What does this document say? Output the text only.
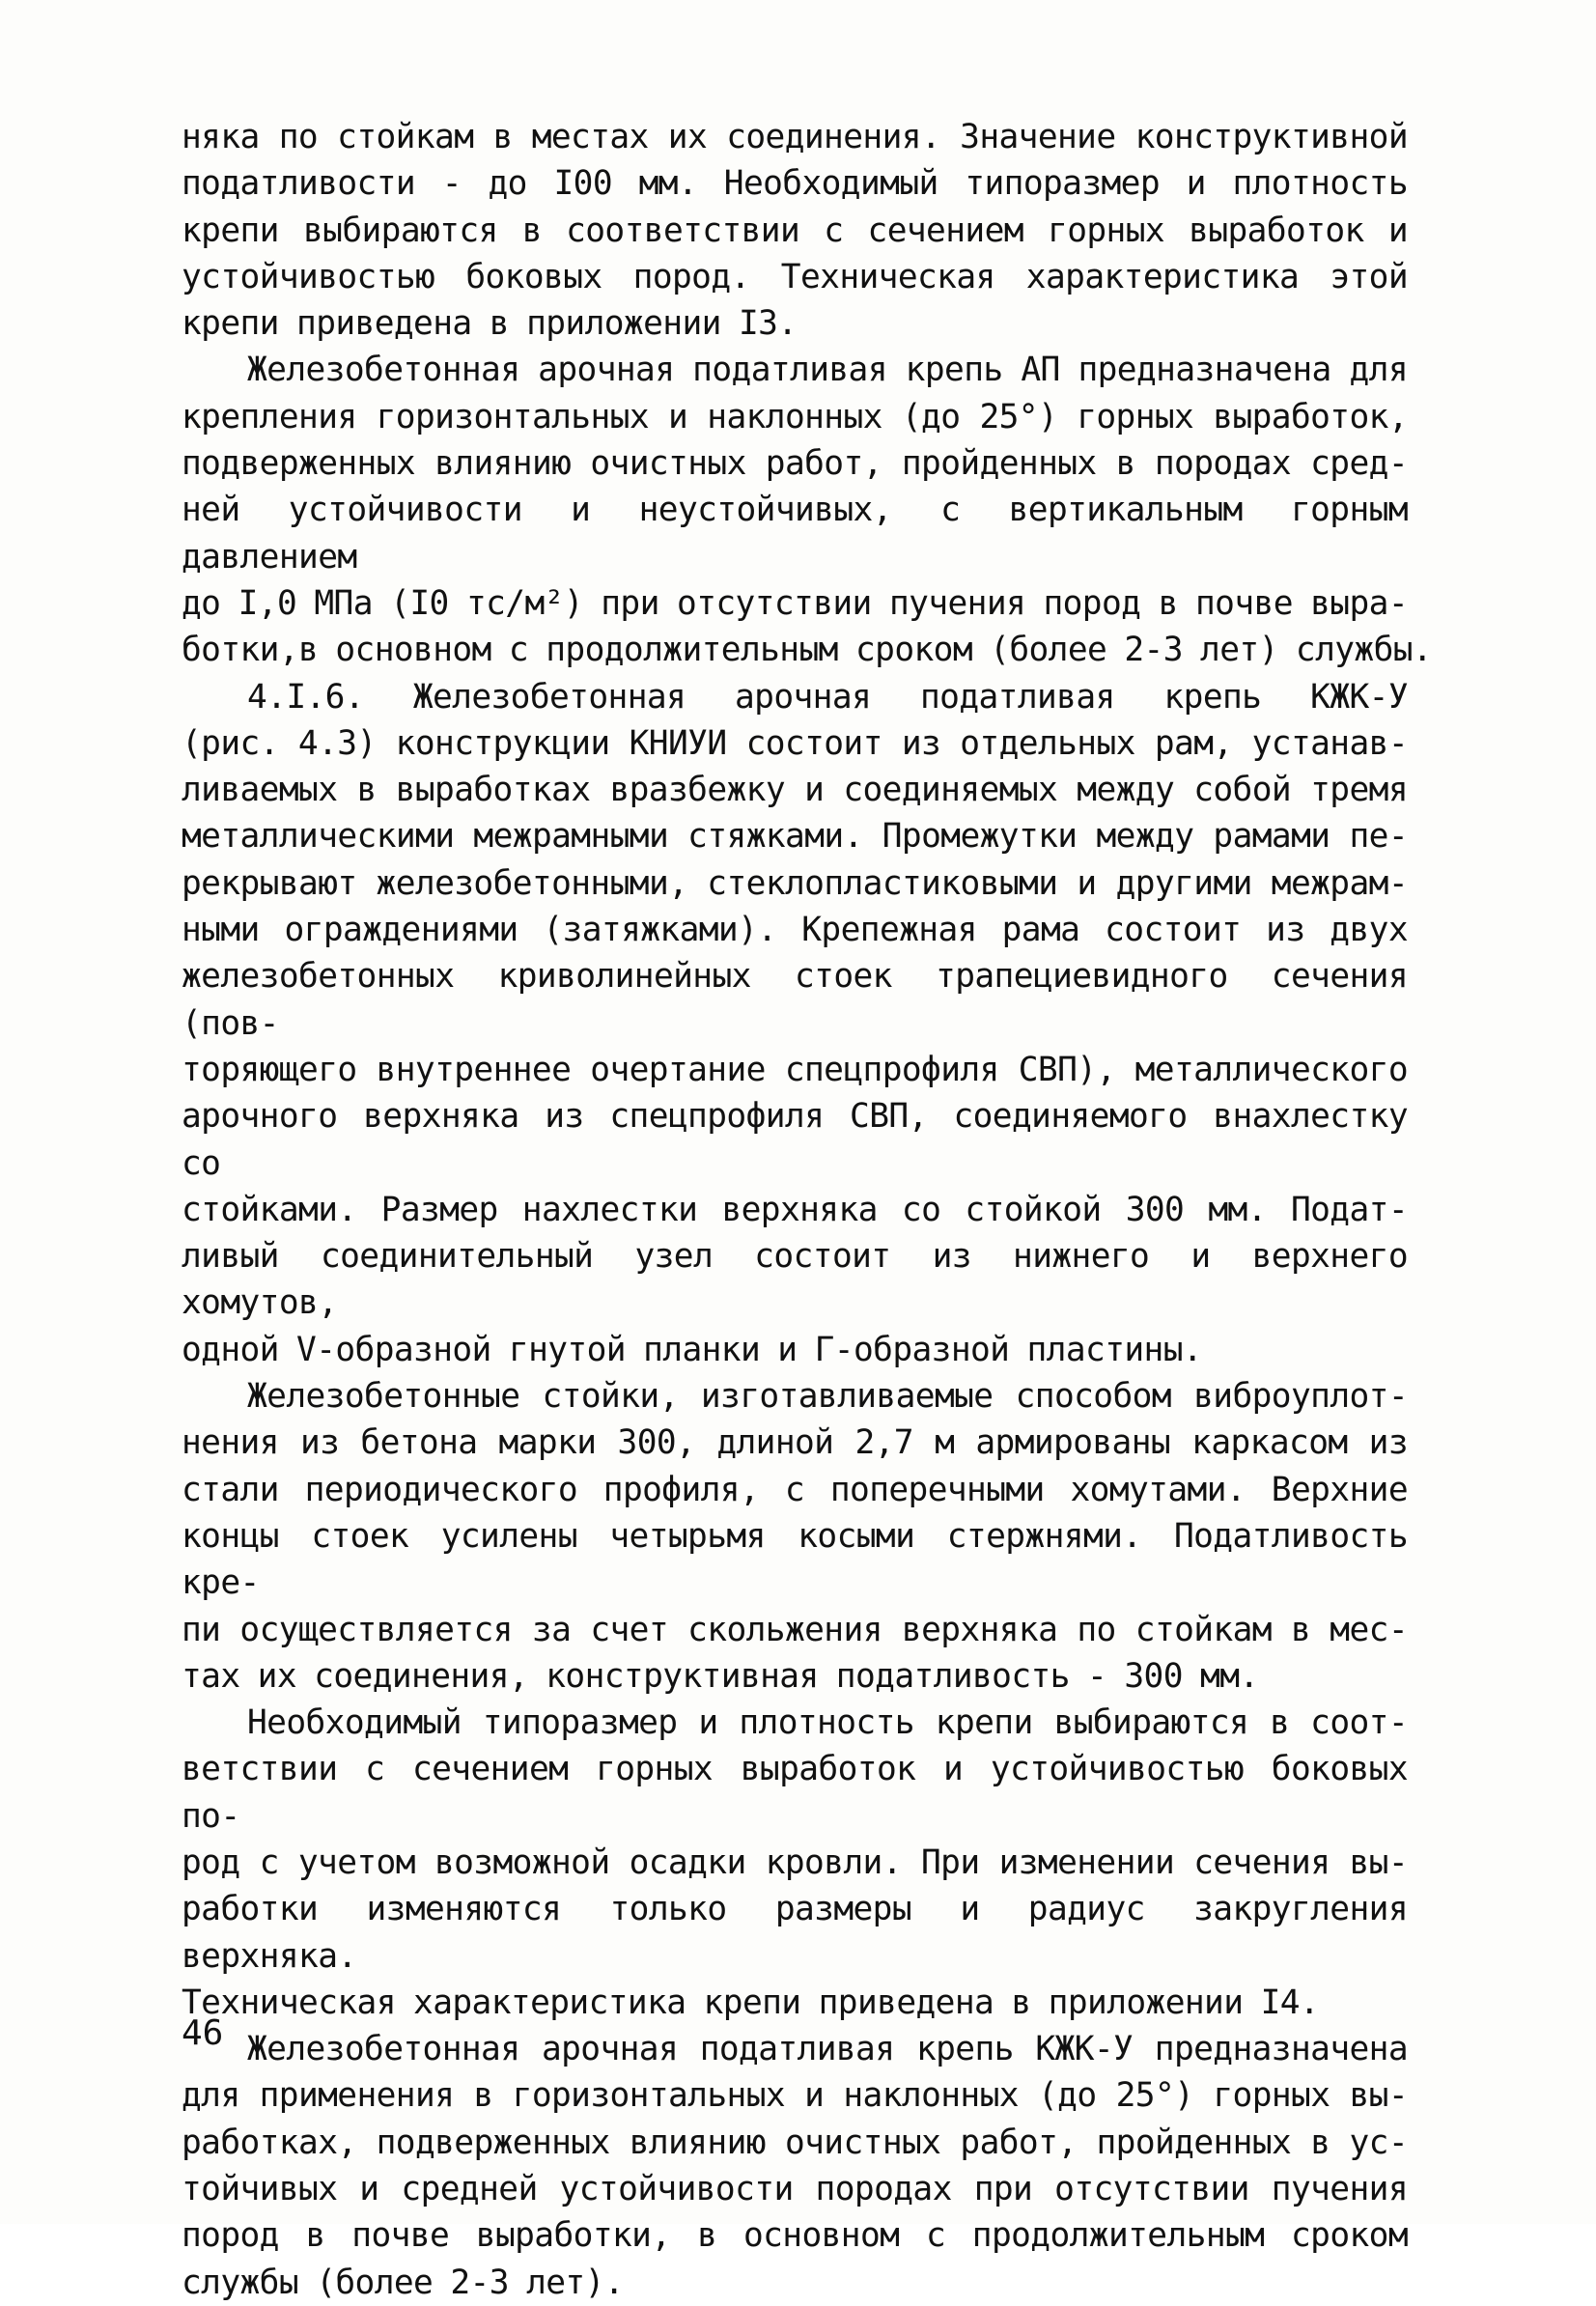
няка по стойкам в местах их соединения. Значение конструктивной
податливости - до I00 мм. Необходимый типоразмер и плотность
крепи выбираются в соответствии с сечением горных выработок и
устойчивостью боковых пород. Техническая характеристика этой
крепи приведена в приложении I3.
Железобетонная арочная податливая крепь АП предназначена для
крепления горизонтальных и наклонных (до 25°) горных выработок,
подверженных влиянию очистных работ, пройденных в породах сред-
ней устойчивости и неустойчивых, с вертикальным горным давлением
до I,0 МПа (I0 тс/м²) при отсутствии пучения пород в почве выра-
ботки,в основном с продолжительным сроком (более 2-3 лет) службы.
4.I.6. Железобетонная арочная податливая крепь КЖК-У
(рис. 4.3) конструкции КНИУИ состоит из отдельных рам, устанав-
ливаемых в выработках вразбежку и соединяемых между собой тремя
металлическими межрамными стяжками. Промежутки между рамами пе-
рекрывают железобетонными, стеклопластиковыми и другими межрам-
ными ограждениями (затяжками). Крепежная рама состоит из двух
железобетонных криволинейных стоек трапециевидного сечения (пов-
торяющего внутреннее очертание спецпрофиля СВП), металлического
арочного верхняка из спецпрофиля СВП, соединяемого внахлестку со
стойками. Размер нахлестки верхняка со стойкой 300 мм. Подат-
ливый соединительный узел состоит из нижнего и верхнего хомутов,
одной V-образной гнутой планки и Г-образной пластины.
Железобетонные стойки, изготавливаемые способом виброуплот-
нения из бетона марки 300, длиной 2,7 м армированы каркасом из
стали периодического профиля, с поперечными хомутами. Верхние
концы стоек усилены четырьмя косыми стержнями. Податливость кре-
пи осуществляется за счет скольжения верхняка по стойкам в мес-
тах их соединения, конструктивная податливость - 300 мм.
Необходимый типоразмер и плотность крепи выбираются в соот-
ветствии с сечением горных выработок и устойчивостью боковых по-
род с учетом возможной осадки кровли. При изменении сечения вы-
работки изменяются только размеры и радиус закругления верхняка.
Техническая характеристика крепи приведена в приложении I4.
Железобетонная арочная податливая крепь КЖК-У предназначена
для применения в горизонтальных и наклонных (до 25°) горных вы-
работках, подверженных влиянию очистных работ, пройденных в ус-
тойчивых и средней устойчивости породах при отсутствии пучения
пород в почве выработки, в основном с продолжительным сроком
службы (более 2-3 лет).
46
